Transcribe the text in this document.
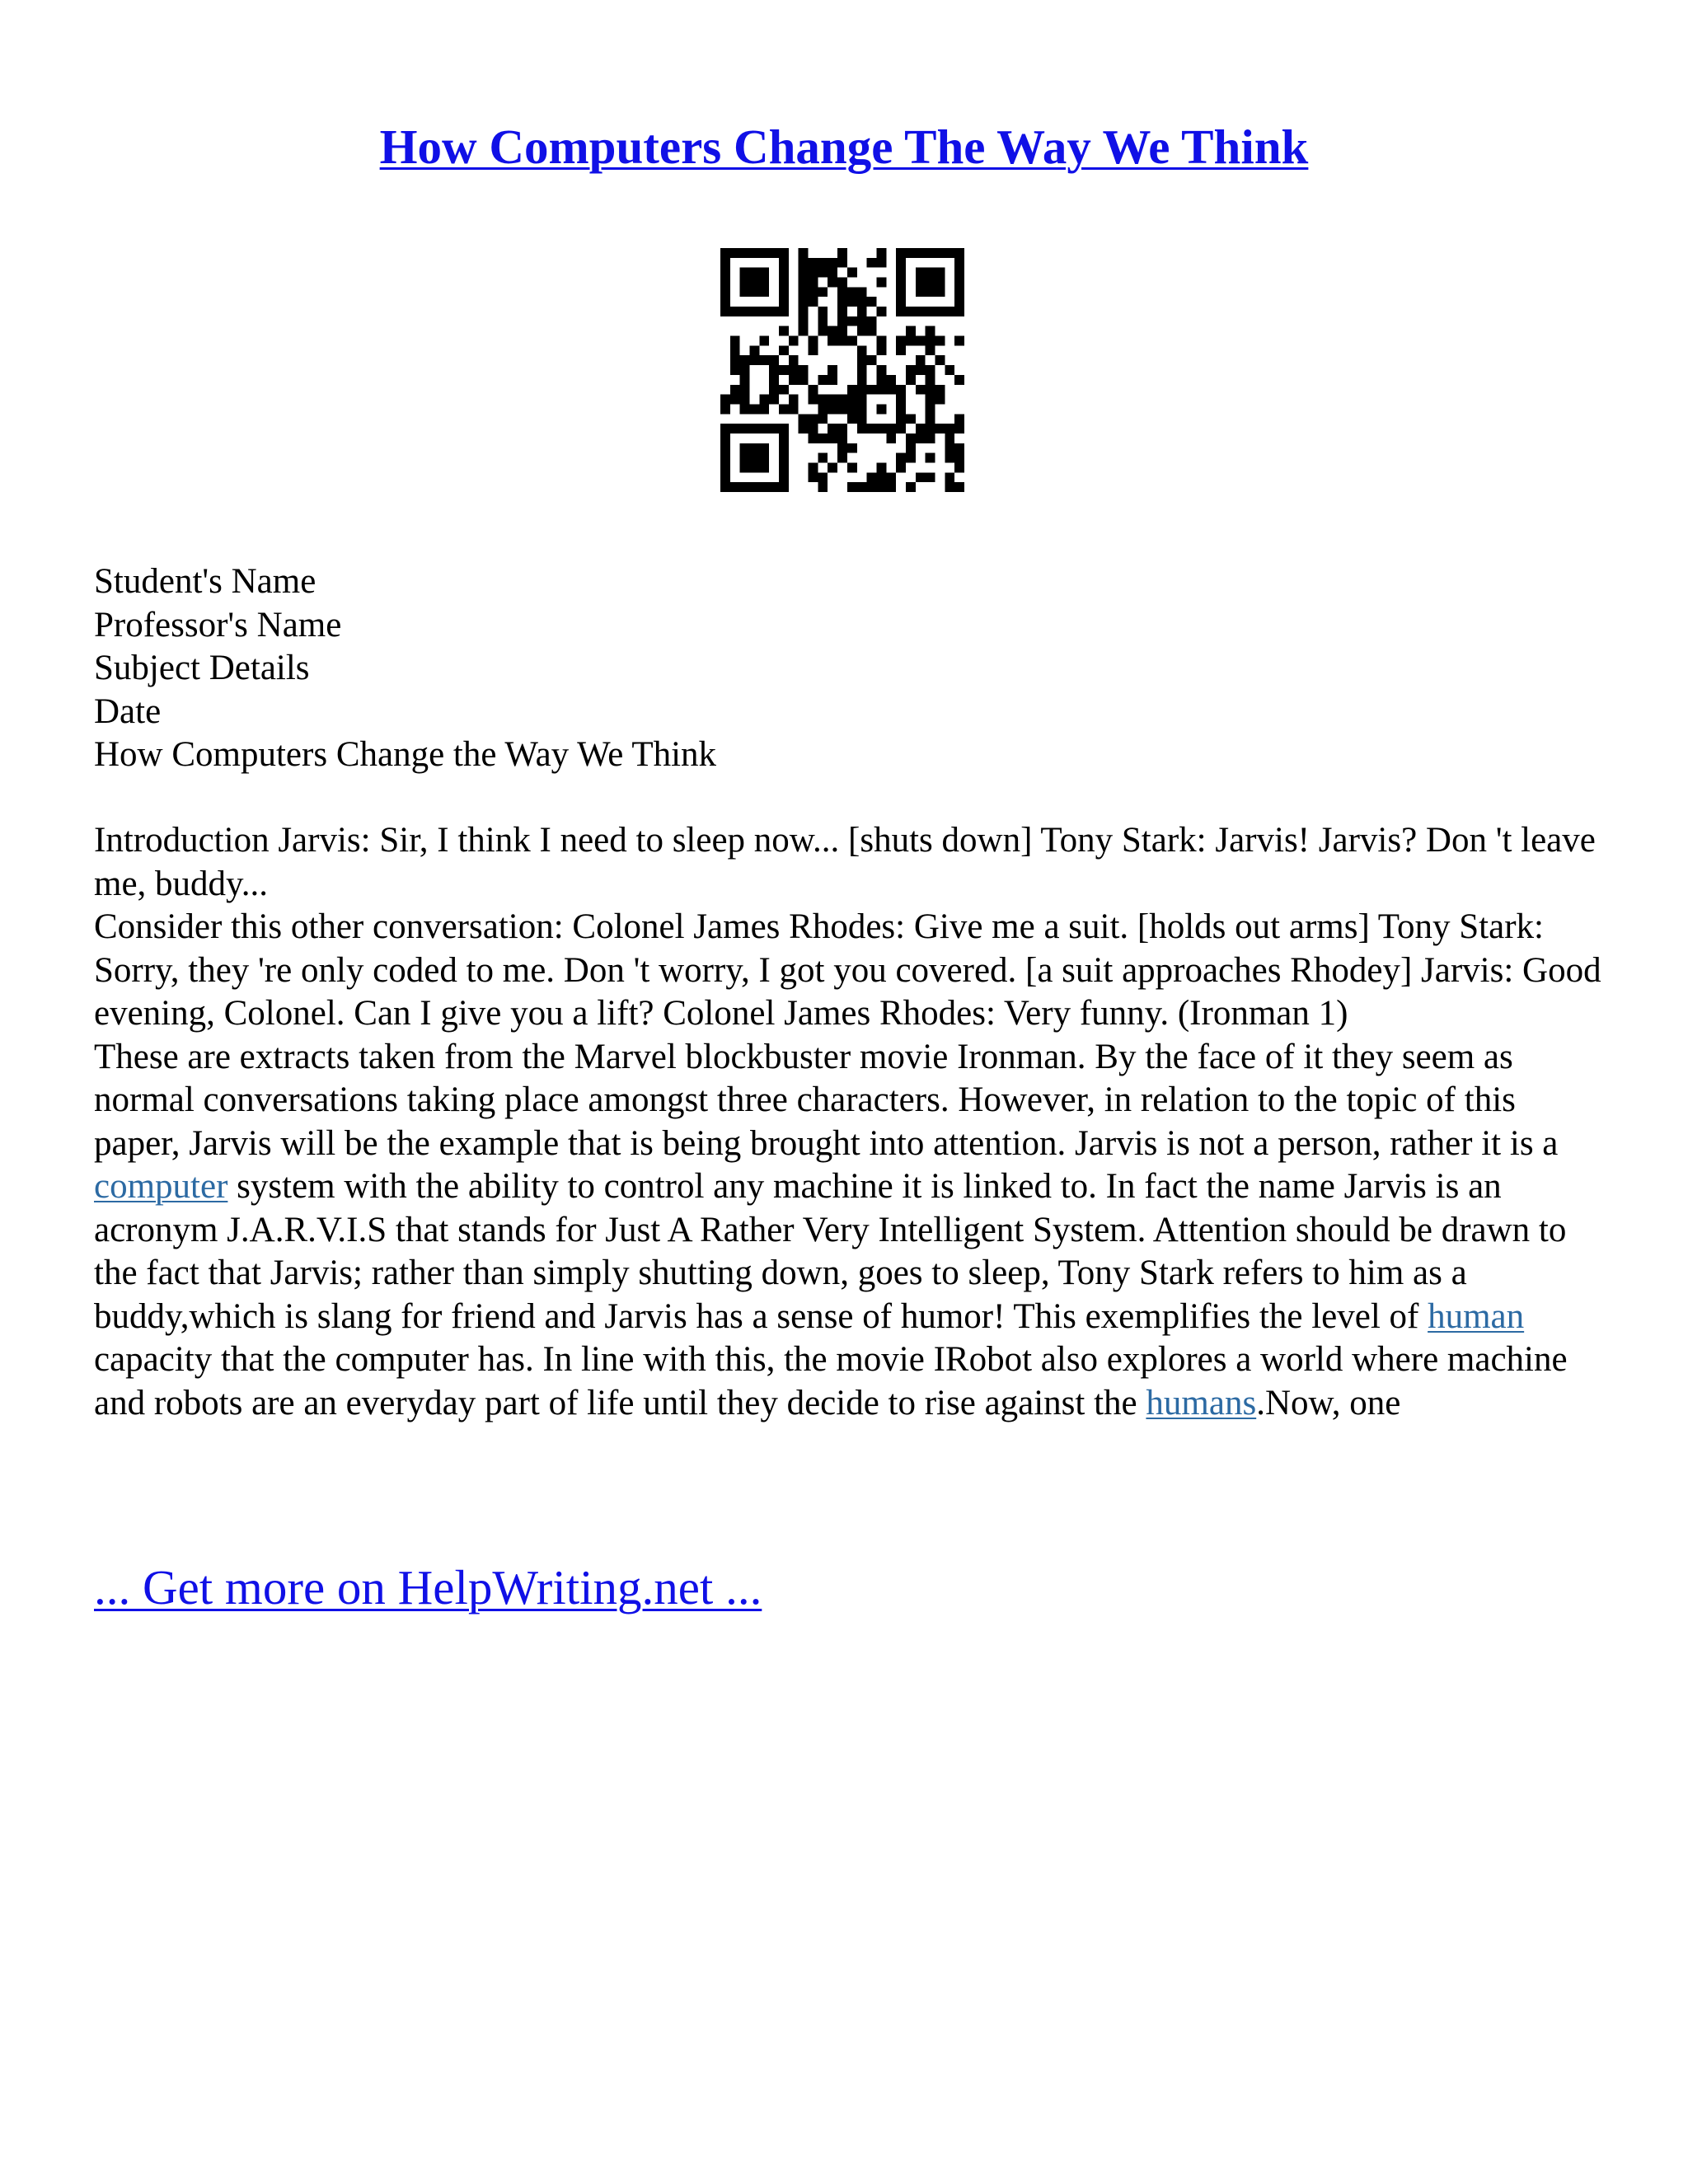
How Computers Change The Way We Think
Student's Name
Professor's Name
Subject Details
Date
How Computers Change the Way We Think

Introduction Jarvis: Sir, I think I need to sleep now... [shuts down] Tony Stark: Jarvis! Jarvis? Don 't leave me, buddy...

Consider this other conversation: Colonel James Rhodes: Give me a suit. [holds out arms] Tony Stark: Sorry, they 're only coded to me. Don 't worry, I got you covered. [a suit approaches Rhodey] Jarvis: Good evening, Colonel. Can I give you a lift? Colonel James Rhodes: Very funny. (Ironman 1)

These are extracts taken from the Marvel blockbuster movie Ironman. By the face of it they seem as normal conversations taking place amongst three characters. However, in relation to the topic of this paper, Jarvis will be the example that is being brought into attention. Jarvis is not a person, rather it is a computer system with the ability to control any machine it is linked to. In fact the name Jarvis is an acronym J.A.R.V.I.S that stands for Just A Rather Very Intelligent System. Attention should be drawn to the fact that Jarvis; rather than simply shutting down, goes to sleep, Tony Stark refers to him as a buddy,which is slang for friend and Jarvis has a sense of humor! This exemplifies the level of human capacity that the computer has. In line with this, the movie IRobot also explores a world where machine and robots are an everyday part of life until they decide to rise against the humans.Now, one

... Get more on HelpWriting.net ...
